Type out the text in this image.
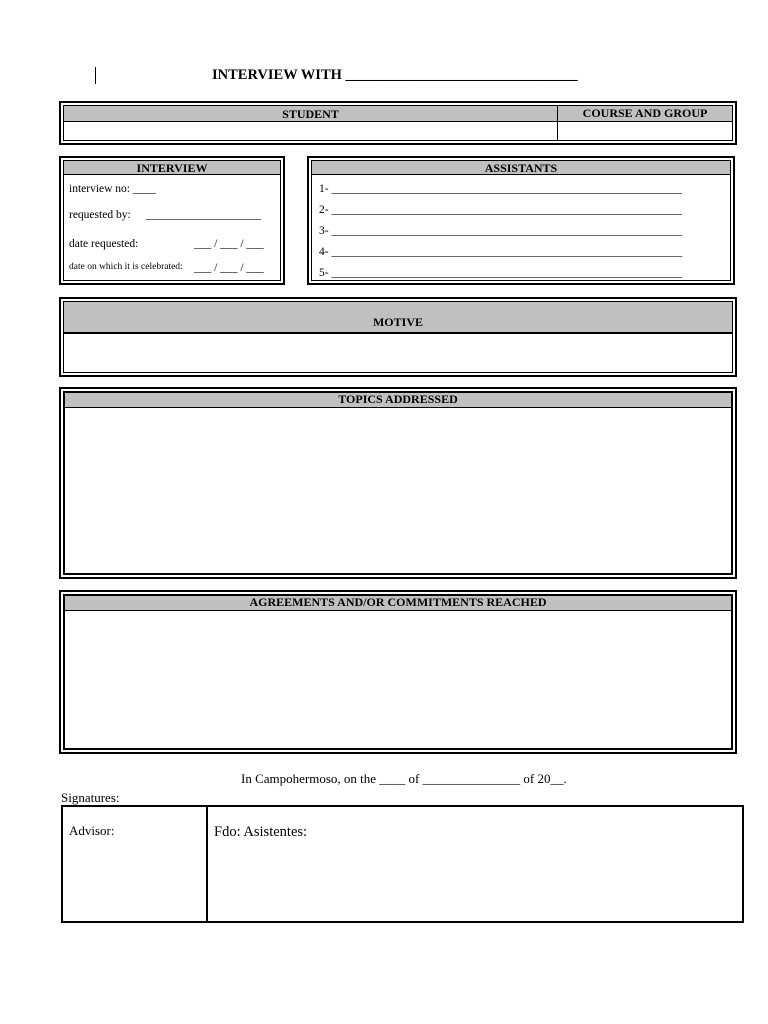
INTERVIEW WITH ________________________________
STUDENT	COURSE AND GROUP
INTERVIEW
interview no: ____
requested by: ____________________
date requested:	___ / ___ / ___
date on which it is celebrated: ___ / ___ / ___
ASSISTANTS
1- _____________________________________________________________
2- _____________________________________________________________
3- _____________________________________________________________
4- _____________________________________________________________
5- _____________________________________________________________
MOTIVE
TOPICS ADDRESSED
AGREEMENTS AND/OR COMMITMENTS REACHED
In Campohermoso, on the ____ of _______________ of 20__.
Signatures:
Advisor:	Fdo: Asistentes:
